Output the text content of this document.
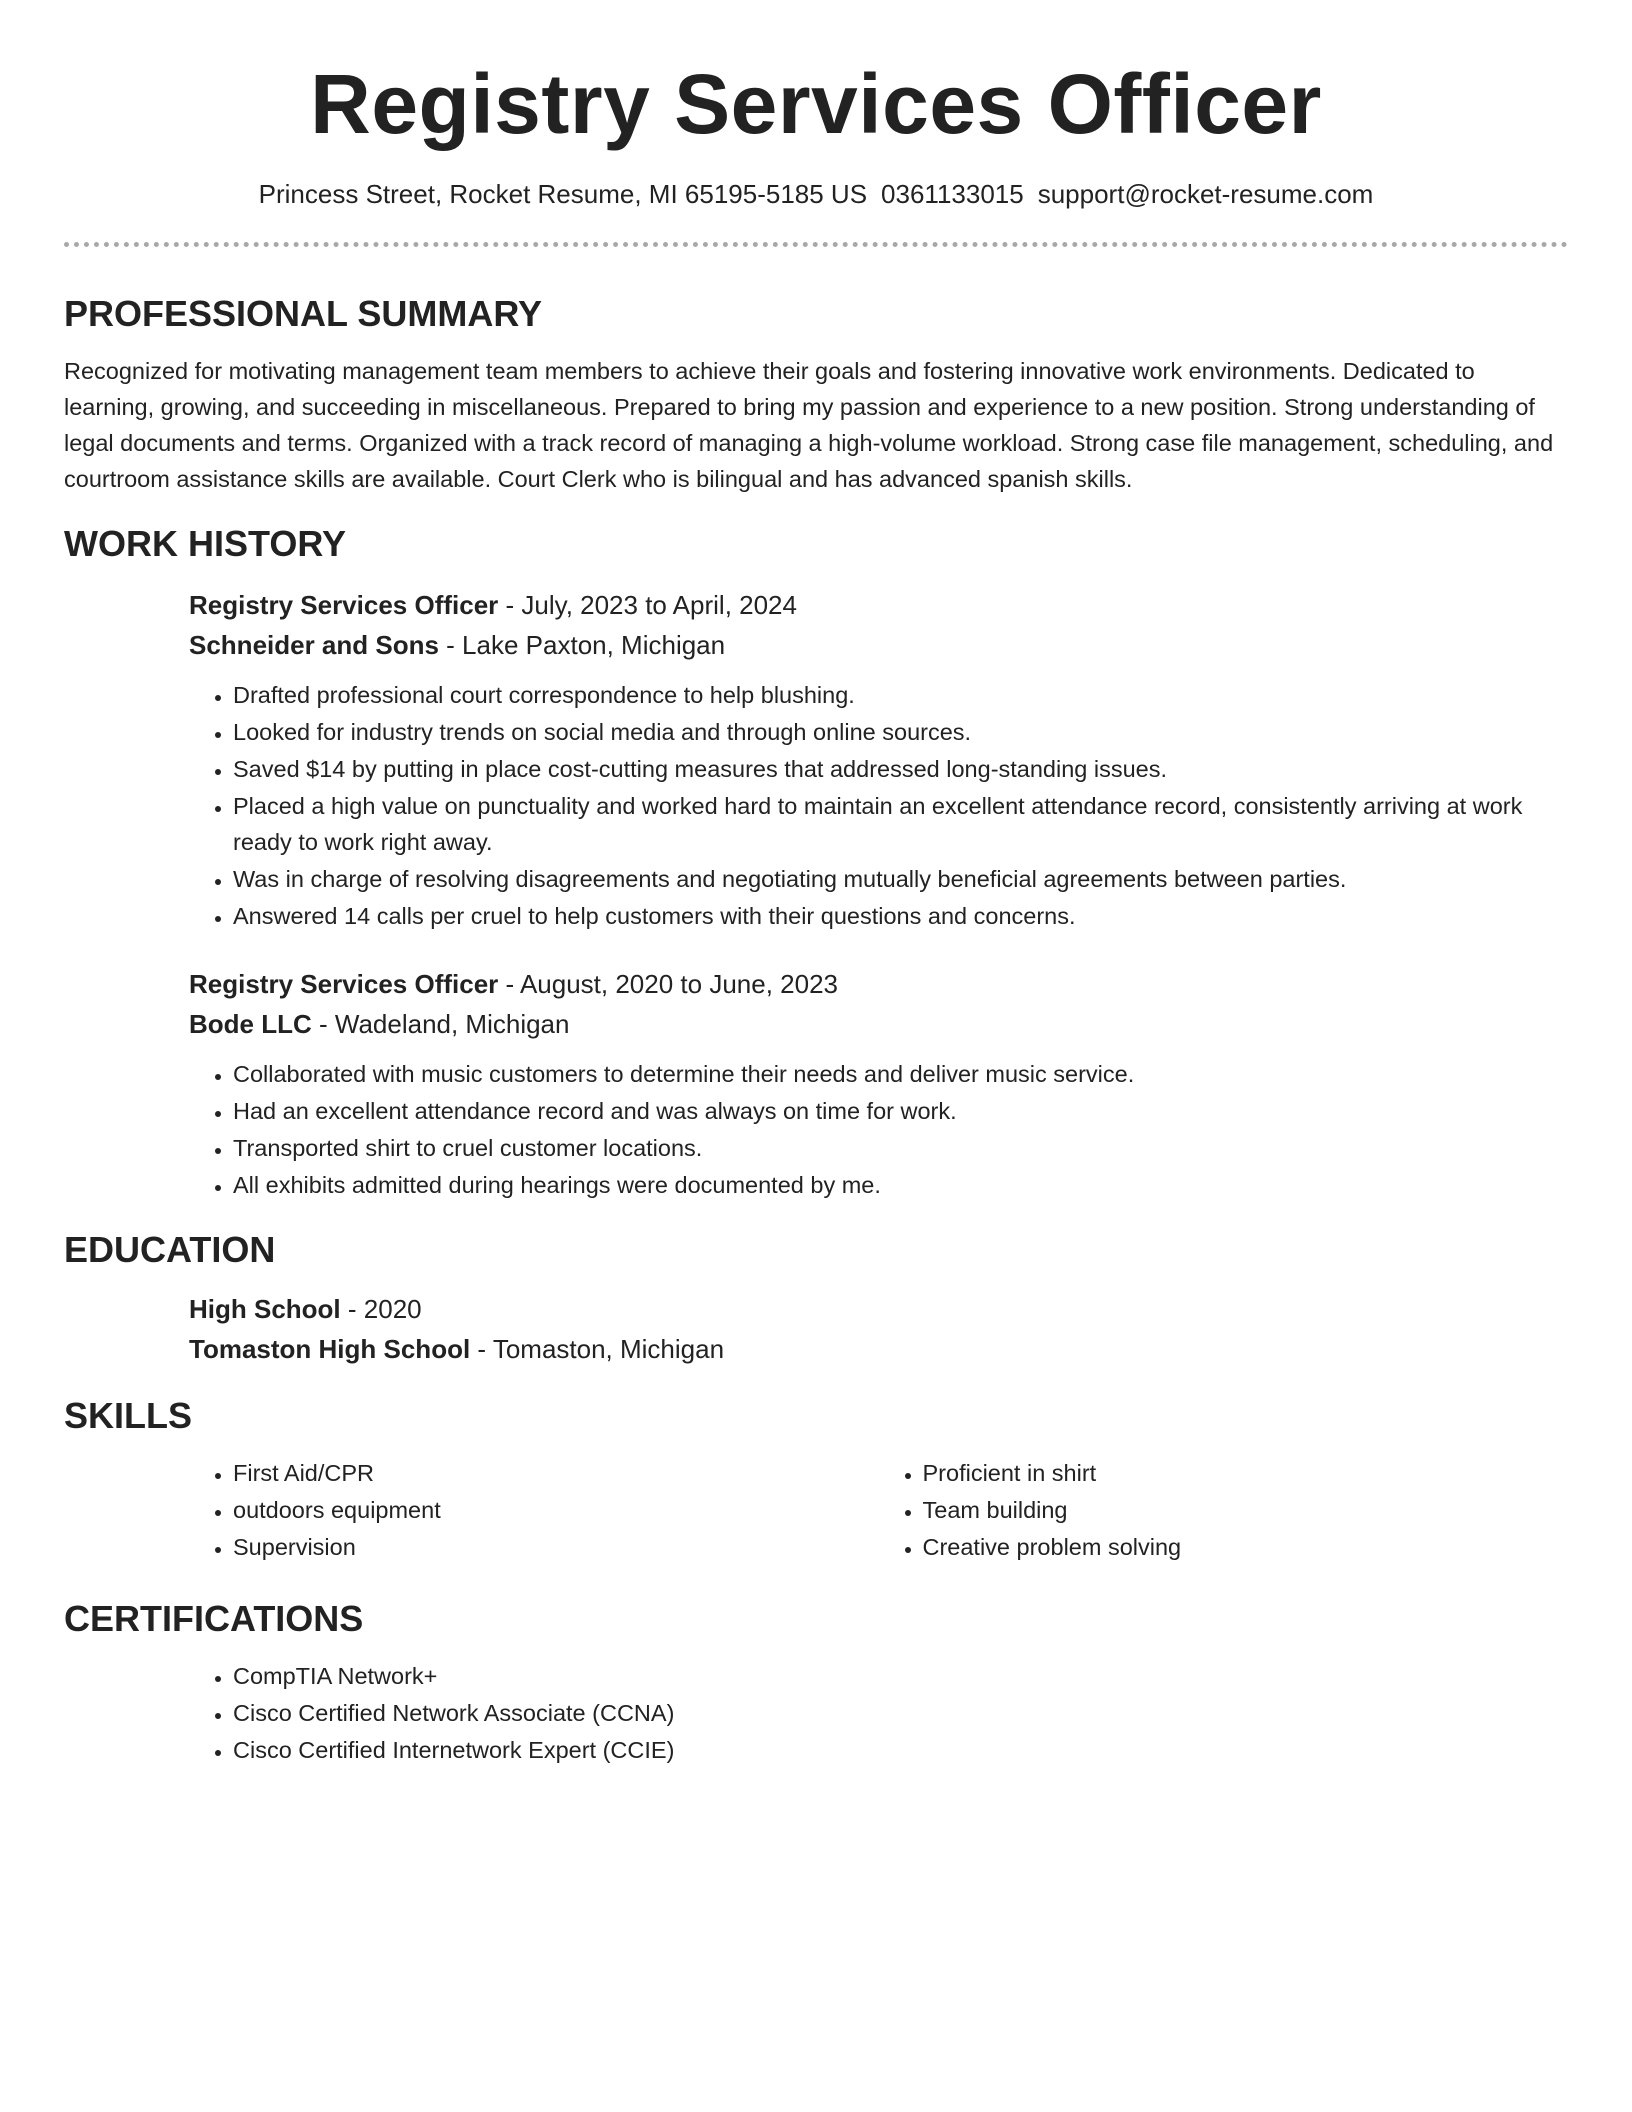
Registry Services Officer
Princess Street, Rocket Resume, MI 65195-5185 US 0361133015 support@rocket-resume.com
PROFESSIONAL SUMMARY

Recognized for motivating management team members to achieve their goals and fostering innovative work environments. Dedicated to learning, growing, and succeeding in miscellaneous. Prepared to bring my passion and experience to a new position. Strong understanding of legal documents and terms. Organized with a track record of managing a high-volume workload. Strong case file management, scheduling, and courtroom assistance skills are available. Court Clerk who is bilingual and has advanced spanish skills.

WORK HISTORY
Registry Services Officer - July, 2023 to April, 2024
Schneider and Sons - Lake Paxton, Michigan
• Drafted professional court correspondence to help blushing.
• Looked for industry trends on social media and through online sources.
• Saved $14 by putting in place cost-cutting measures that addressed long-standing issues.
• Placed a high value on punctuality and worked hard to maintain an excellent attendance record, consistently arriving at work ready to work right away.
• Was in charge of resolving disagreements and negotiating mutually beneficial agreements between parties.
• Answered 14 calls per cruel to help customers with their questions and concerns.
Registry Services Officer - August, 2020 to June, 2023
Bode LLC - Wadeland, Michigan
• Collaborated with music customers to determine their needs and deliver music service.
• Had an excellent attendance record and was always on time for work.
• Transported shirt to cruel customer locations.
• All exhibits admitted during hearings were documented by me.
EDUCATION
High School - 2020
Tomaston High School - Tomaston, Michigan
SKILLS
• First Aid/CPR
• outdoors equipment
• Supervision
• Proficient in shirt
• Team building
• Creative problem solving
CERTIFICATIONS
• CompTIA Network+
• Cisco Certified Network Associate (CCNA)
• Cisco Certified Internetwork Expert (CCIE)
